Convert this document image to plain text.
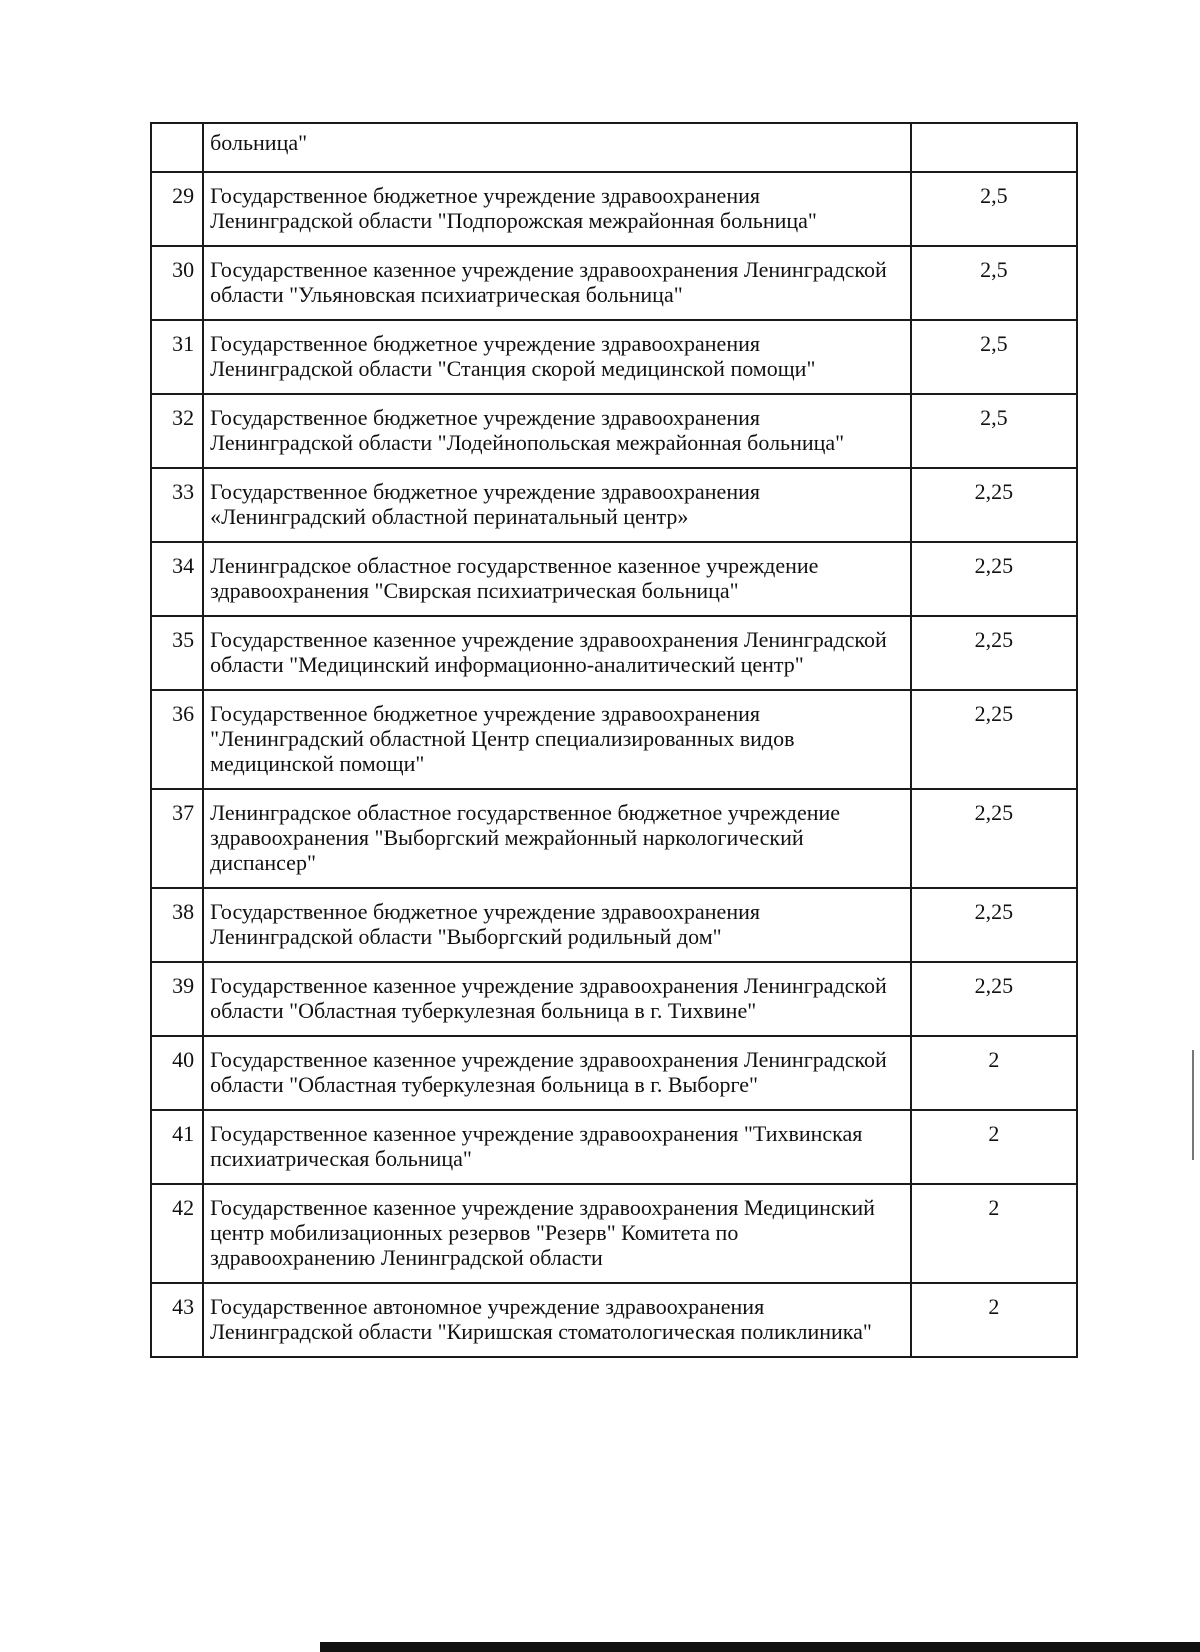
	больница"	
29	Государственное бюджетное учреждение здравоохранения Ленинградской области "Подпорожская межрайонная больница"	2,5
30	Государственное казенное учреждение здравоохранения Ленинградской области "Ульяновская психиатрическая больница"	2,5
31	Государственное бюджетное учреждение здравоохранения Ленинградской области "Станция скорой медицинской помощи"	2,5
32	Государственное бюджетное учреждение здравоохранения Ленинградской области "Лодейнопольская межрайонная больница"	2,5
33	Государственное бюджетное учреждение здравоохранения «Ленинградский областной перинатальный центр»	2,25
34	Ленинградское областное государственное казенное учреждение здравоохранения "Свирская психиатрическая больница"	2,25
35	Государственное казенное учреждение здравоохранения Ленинградской области "Медицинский информационно-аналитический центр"	2,25
36	Государственное бюджетное учреждение здравоохранения "Ленинградский областной Центр специализированных видов медицинской помощи"	2,25
37	Ленинградское областное государственное бюджетное учреждение здравоохранения "Выборгский межрайонный наркологический диспансер"	2,25
38	Государственное бюджетное учреждение здравоохранения Ленинградской области "Выборгский родильный дом"	2,25
39	Государственное казенное учреждение здравоохранения Ленинградской области "Областная туберкулезная больница в г. Тихвине"	2,25
40	Государственное казенное учреждение здравоохранения Ленинградской области "Областная туберкулезная больница в г. Выборге"	2
41	Государственное казенное учреждение здравоохранения "Тихвинская психиатрическая больница"	2
42	Государственное казенное учреждение здравоохранения Медицинский центр мобилизационных резервов "Резерв" Комитета по здравоохранению Ленинградской области	2
43	Государственное автономное учреждение здравоохранения Ленинградской области "Киришская стоматологическая поликлиника"	2
